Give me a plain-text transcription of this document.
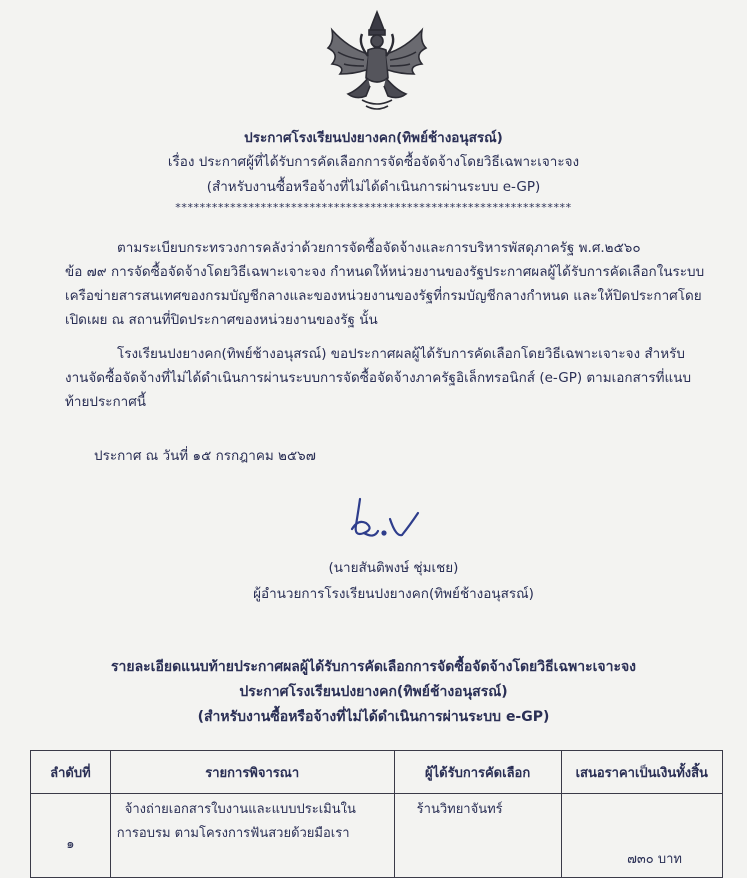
ประกาศโรงเรียนปงยางคก(ทิพย์ช้างอนุสรณ์)
เรื่อง ประกาศผู้ที่ได้รับการคัดเลือกการจัดซื้อจัดจ้างโดยวิธีเฉพาะเจาะจง
(สำหรับงานซื้อหรือจ้างที่ไม่ได้ดำเนินการผ่านระบบ e-GP)
*****************************************************************
ตามระเบียบกระทรวงการคลังว่าด้วยการจัดซื้อจัดจ้างและการบริหารพัสดุภาครัฐ พ.ศ.๒๕๖๐
ข้อ ๗๙ การจัดซื้อจัดจ้างโดยวิธีเฉพาะเจาะจง กำหนดให้หน่วยงานของรัฐประกาศผลผู้ได้รับการคัดเลือกในระบบ
เครือข่ายสารสนเทศของกรมบัญชีกลางและของหน่วยงานของรัฐที่กรมบัญชีกลางกำหนด และให้ปิดประกาศโดย
เปิดเผย ณ สถานที่ปิดประกาศของหน่วยงานของรัฐ นั้น
โรงเรียนปงยางคก(ทิพย์ช้างอนุสรณ์) ขอประกาศผลผู้ได้รับการคัดเลือกโดยวิธีเฉพาะเจาะจง สำหรับ
งานจัดซื้อจัดจ้างที่ไม่ได้ดำเนินการผ่านระบบการจัดซื้อจัดจ้างภาครัฐอิเล็กทรอนิกส์ (e-GP) ตามเอกสารที่แนบ
ท้ายประกาศนี้
ประกาศ ณ วันที่ ๑๕ กรกฎาคม ๒๕๖๗
(นายสันติพงษ์ ชุ่มเชย)
ผู้อำนวยการโรงเรียนปงยางคก(ทิพย์ช้างอนุสรณ์)
รายละเอียดแนบท้ายประกาศผลผู้ได้รับการคัดเลือกการจัดซื้อจัดจ้างโดยวิธีเฉพาะเจาะจง
ประกาศโรงเรียนปงยางคก(ทิพย์ช้างอนุสรณ์)
(สำหรับงานซื้อหรือจ้างที่ไม่ได้ดำเนินการผ่านระบบ e-GP)
ลำดับที่	รายการพิจารณา	ผู้ได้รับการคัดเลือก	เสนอราคาเป็นเงินทั้งสิ้น
๑	จ้างถ่ายเอกสารใบงานและแบบประเมินใน
การอบรม ตามโครงการฟันสวยด้วยมือเรา	ร้านวิทยาจันทร์	๗๓๐ บาท
